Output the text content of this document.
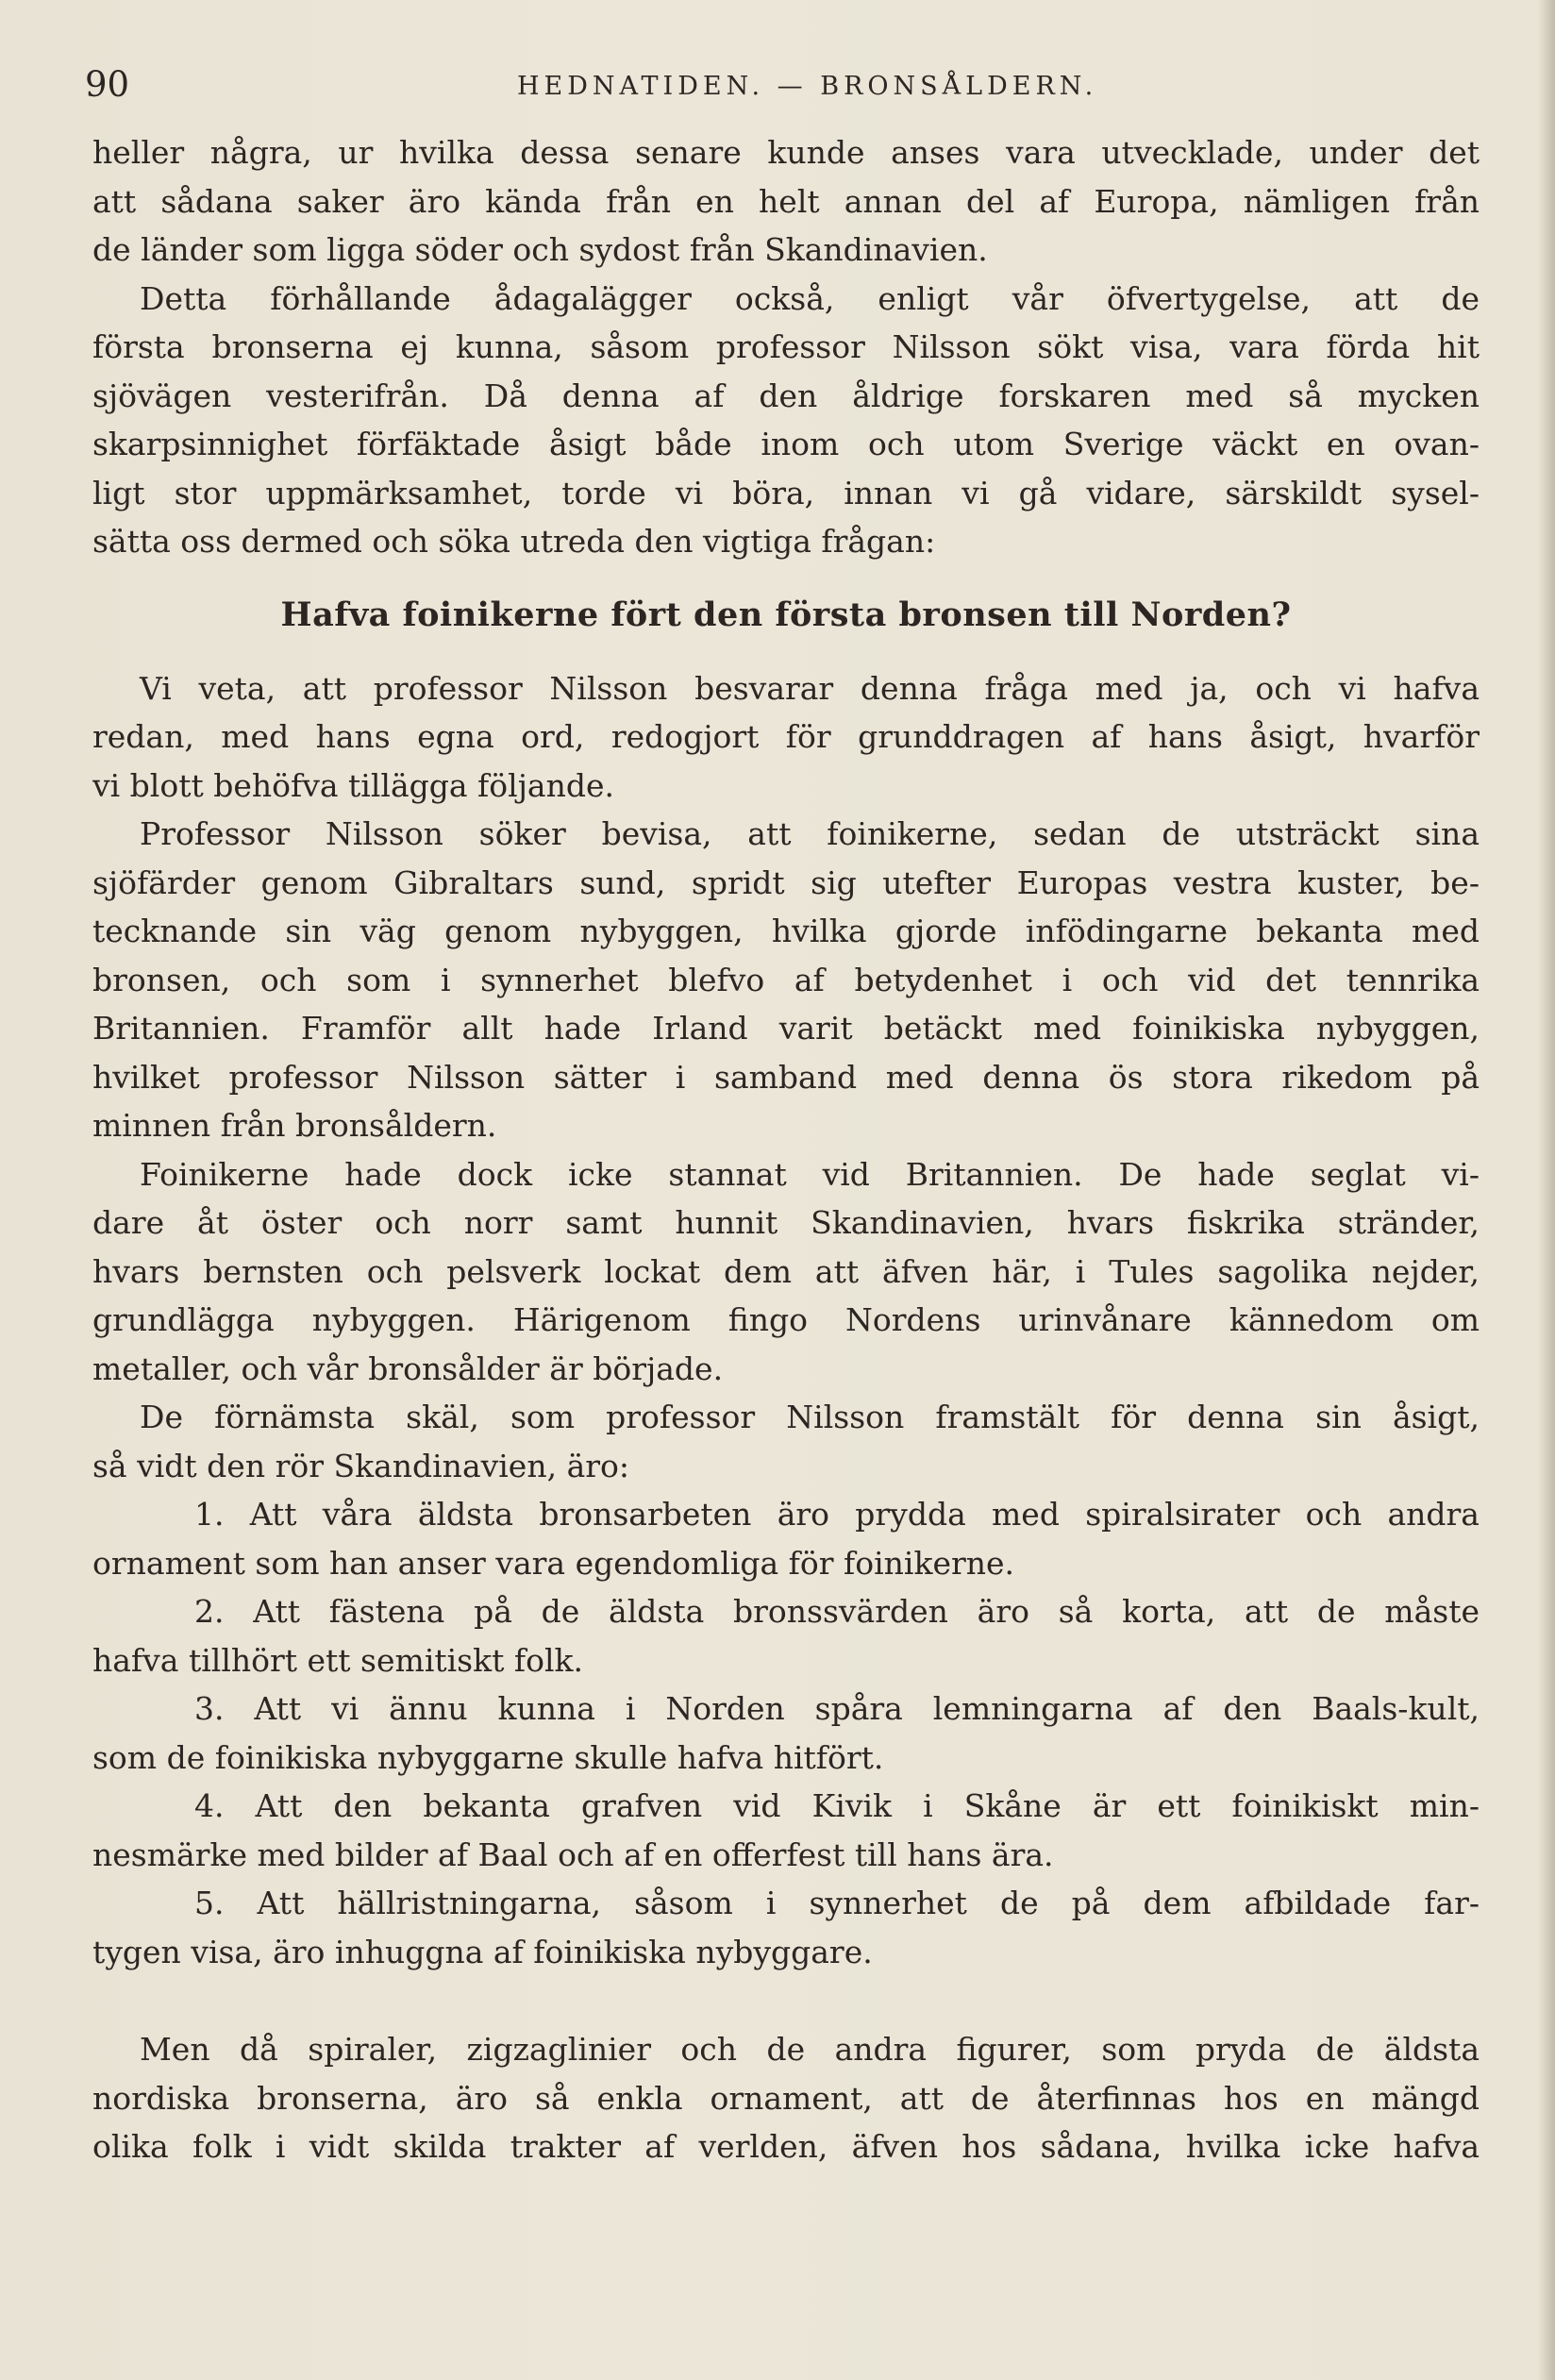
90	HEDNATIDEN. — BRONSÅLDERN.
heller några, ur hvilka dessa senare kunde anses vara utvecklade, under det
att sådana saker äro kända från en helt annan del af Europa, nämligen från
de länder som ligga söder och sydost från Skandinavien.
Detta förhållande ådagalägger också, enligt vår öfvertygelse, att de
första bronserna ej kunna, såsom professor Nilsson sökt visa, vara förda hit
sjövägen vesterifrån. Då denna af den åldrige forskaren med så mycken
skarpsinnighet förfäktade åsigt både inom och utom Sverige väckt en ovan-
ligt stor uppmärksamhet, torde vi böra, innan vi gå vidare, särskildt sysel-
sätta oss dermed och söka utreda den vigtiga frågan:
Hafva foinikerne fört den första bronsen till Norden?
Vi veta, att professor Nilsson besvarar denna fråga med ja, och vi hafva
redan, med hans egna ord, redogjort för grunddragen af hans åsigt, hvarför
vi blott behöfva tillägga följande.
Professor Nilsson söker bevisa, att foinikerne, sedan de utsträckt sina
sjöfärder genom Gibraltars sund, spridt sig utefter Europas vestra kuster, be-
tecknande sin väg genom nybyggen, hvilka gjorde infödingarne bekanta med
bronsen, och som i synnerhet blefvo af betydenhet i och vid det tennrika
Britannien. Framför allt hade Irland varit betäckt med foinikiska nybyggen,
hvilket professor Nilsson sätter i samband med denna ös stora rikedom på
minnen från bronsåldern.
Foinikerne hade dock icke stannat vid Britannien. De hade seglat vi-
dare åt öster och norr samt hunnit Skandinavien, hvars fiskrika stränder,
hvars bernsten och pelsverk lockat dem att äfven här, i Tules sagolika nejder,
grundlägga nybyggen. Härigenom fingo Nordens urinvånare kännedom om
metaller, och vår bronsålder är började.
De förnämsta skäl, som professor Nilsson framstält för denna sin åsigt,
så vidt den rör Skandinavien, äro:
1. Att våra äldsta bronsarbeten äro prydda med spiralsirater och andra
ornament som han anser vara egendomliga för foinikerne.
2. Att fästena på de äldsta bronssvärden äro så korta, att de måste
hafva tillhört ett semitiskt folk.
3. Att vi ännu kunna i Norden spåra lemningarna af den Baals-kult,
som de foinikiska nybyggarne skulle hafva hitfört.
4. Att den bekanta grafven vid Kivik i Skåne är ett foinikiskt min-
nesmärke med bilder af Baal och af en offerfest till hans ära.
5. Att hällristningarna, såsom i synnerhet de på dem afbildade far-
tygen visa, äro inhuggna af foinikiska nybyggare.
Men då spiraler, zigzaglinier och de andra figurer, som pryda de äldsta
nordiska bronserna, äro så enkla ornament, att de återfinnas hos en mängd
olika folk i vidt skilda trakter af verlden, äfven hos sådana, hvilka icke hafva
